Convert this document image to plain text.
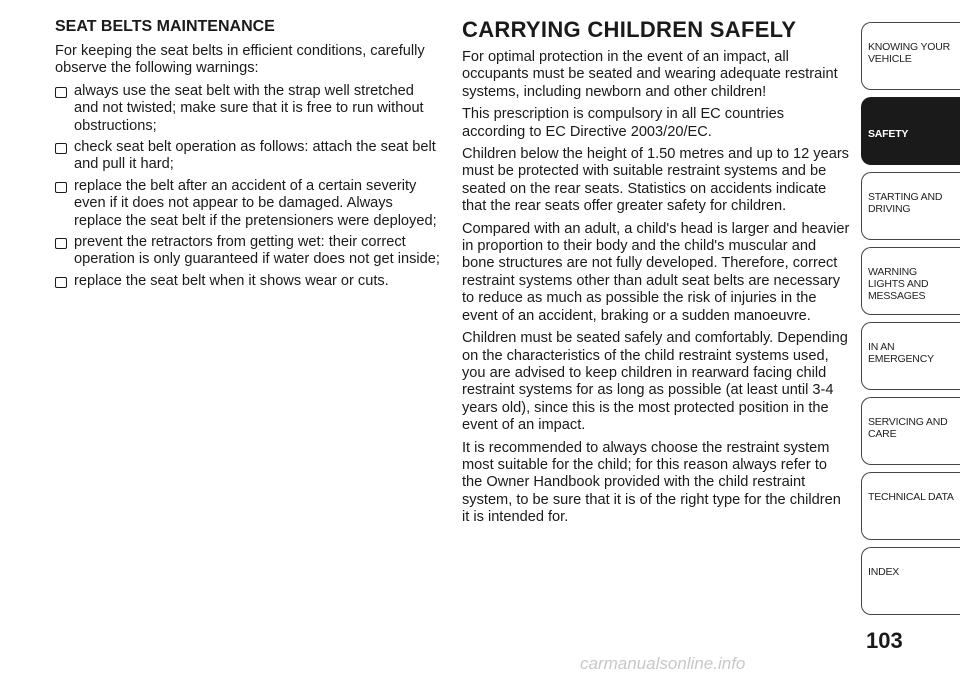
SEAT BELTS MAINTENANCE

For keeping the seat belts in efficient conditions, carefully observe the following warnings:

always use the seat belt with the strap well stretched and not twisted; make sure that it is free to run without obstructions;
check seat belt operation as follows: attach the seat belt and pull it hard;
replace the belt after an accident of a certain severity even if it does not appear to be damaged. Always replace the seat belt if the pretensioners were deployed;
prevent the retractors from getting wet: their correct operation is only guaranteed if water does not get inside;
replace the seat belt when it shows wear or cuts.
CARRYING CHILDREN SAFELY

For optimal protection in the event of an impact, all occupants must be seated and wearing adequate restraint systems, including newborn and other children!

This prescription is compulsory in all EC countries according to EC Directive 2003/20/EC.

Children below the height of 1.50 metres and up to 12 years must be protected with suitable restraint systems and be seated on the rear seats. Statistics on accidents indicate that the rear seats offer greater safety for children.

Compared with an adult, a child's head is larger and heavier in proportion to their body and the child's muscular and bone structures are not fully developed. Therefore, correct restraint systems other than adult seat belts are necessary to reduce as much as possible the risk of injuries in the event of an accident, braking or a sudden manoeuvre.

Children must be seated safely and comfortably. Depending on the characteristics of the child restraint systems used, you are advised to keep children in rearward facing child restraint systems for as long as possible (at least until 3-4 years old), since this is the most protected position in the event of an impact.

It is recommended to always choose the restraint system most suitable for the child; for this reason always refer to the Owner Handbook provided with the child restraint system, to be sure that it is of the right type for the children it is intended for.

KNOWING YOUR VEHICLE
SAFETY
STARTING AND DRIVING
WARNING LIGHTS AND MESSAGES
IN AN EMERGENCY
SERVICING AND CARE
TECHNICAL DATA
INDEX
103
carmanualsonline.info
